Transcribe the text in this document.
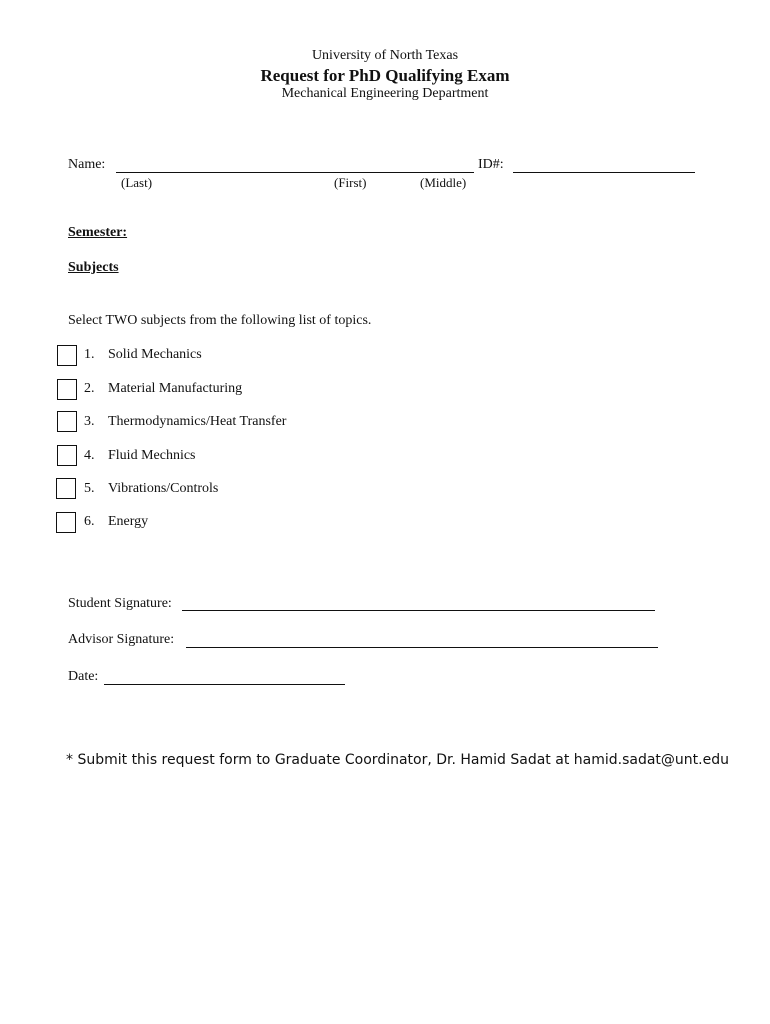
University of North Texas
Request for PhD Qualifying Exam
Mechanical Engineering Department
Name:	ID#:
(Last)	(First)	(Middle)
Semester:
Subjects
Select TWO subjects from the following list of topics.
1. Solid Mechanics
2. Material Manufacturing
3. Thermodynamics/Heat Transfer
4. Fluid Mechnics
5. Vibrations/Controls
6. Energy
Student Signature:
Advisor Signature:
Date:
* Submit this request form to Graduate Coordinator, Dr. Hamid Sadat at hamid.sadat@unt.edu
